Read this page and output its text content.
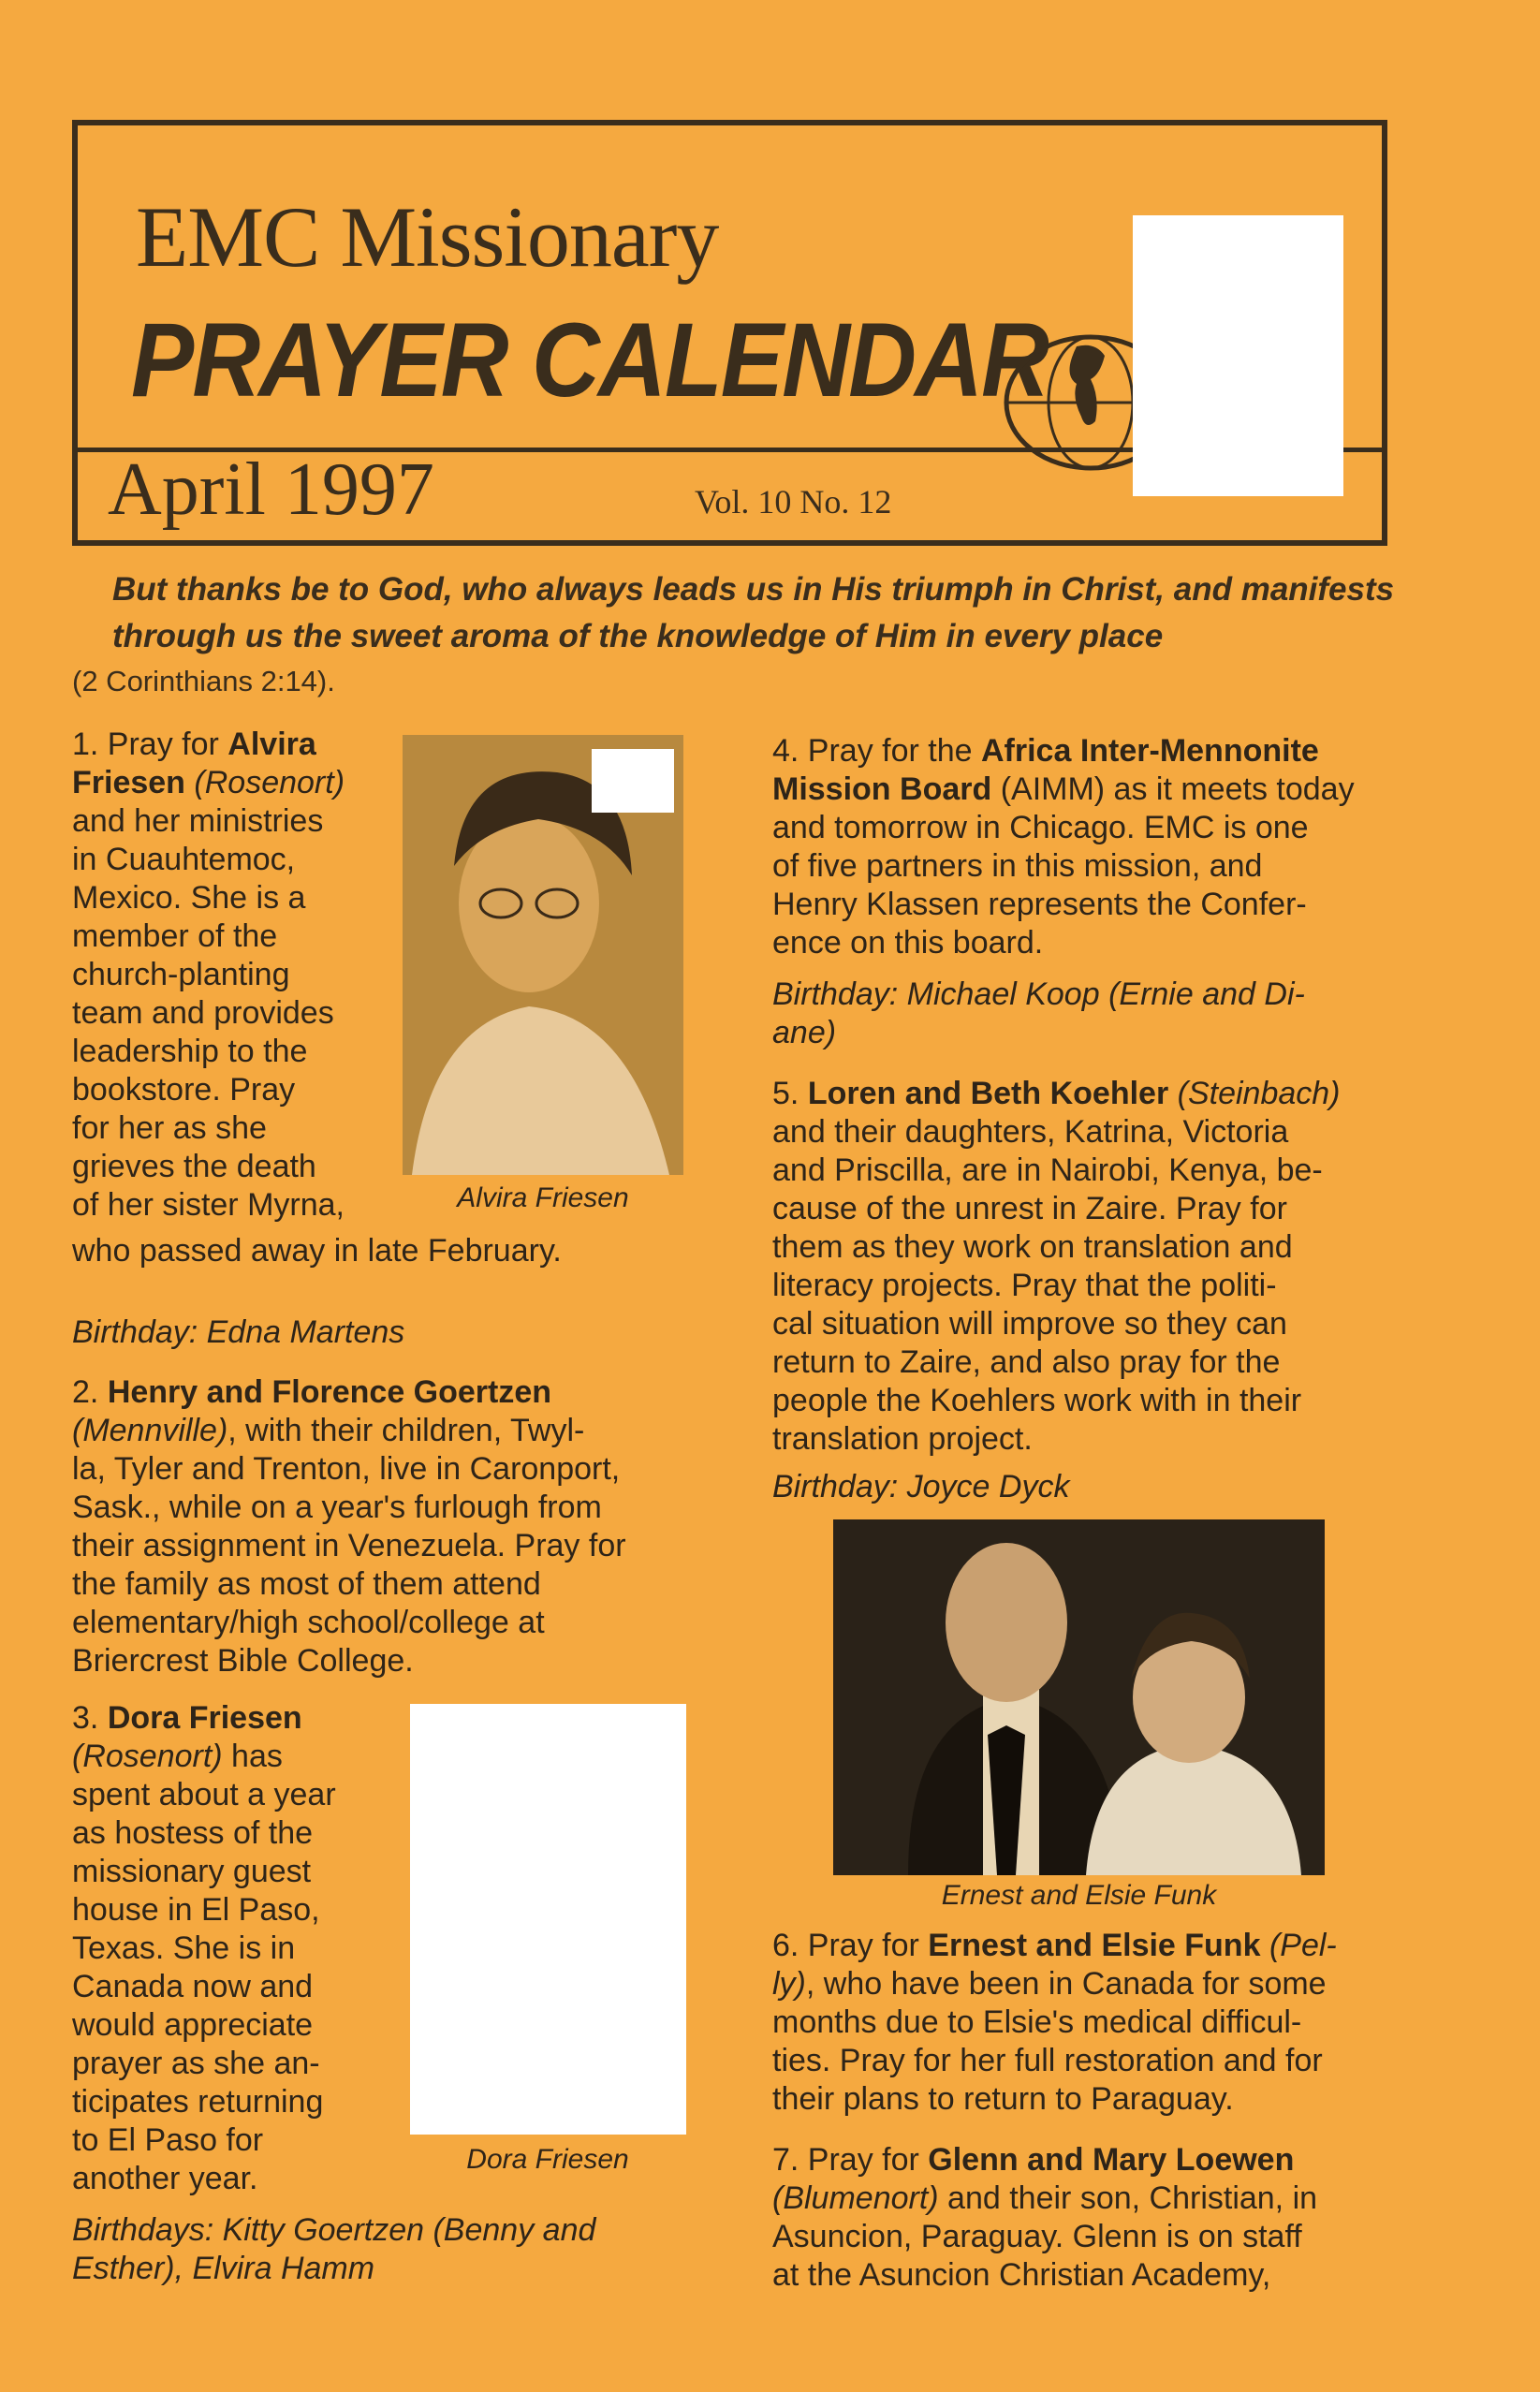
EMC Missionary
PRAYER CALENDAR
April 1997	Vol. 10 No. 12
But thanks be to God, who always leads us in His triumph in Christ, and manifests through us the sweet aroma of the knowledge of Him in every place
(2 Corinthians 2:14).
1. Pray for Alvira
Friesen (Rosenort)
and her ministries
in Cuauhtemoc,
Mexico. She is a
member of the
church-planting
team and provides
leadership to the
bookstore. Pray
for her as she
grieves the death
of her sister Myrna,
who passed away in late February.
Alvira Friesen
Birthday: Edna Martens
2. Henry and Florence Goertzen
(Mennville), with their children, Twyl-
la, Tyler and Trenton, live in Caronport,
Sask., while on a year's furlough from
their assignment in Venezuela. Pray for
the family as most of them attend
elementary/high school/college at
Briercrest Bible College.
3. Dora Friesen
(Rosenort) has
spent about a year
as hostess of the
missionary guest
house in El Paso,
Texas. She is in
Canada now and
would appreciate
prayer as she an-
ticipates returning
to El Paso for
another year.
Dora Friesen
Birthdays: Kitty Goertzen (Benny and
Esther), Elvira Hamm
4. Pray for the Africa Inter-Mennonite
Mission Board (AIMM) as it meets today
and tomorrow in Chicago. EMC is one
of five partners in this mission, and
Henry Klassen represents the Confer-
ence on this board.
Birthday: Michael Koop (Ernie and Di-
ane)
5. Loren and Beth Koehler (Steinbach)
and their daughters, Katrina, Victoria
and Priscilla, are in Nairobi, Kenya, be-
cause of the unrest in Zaire. Pray for
them as they work on translation and
literacy projects. Pray that the politi-
cal situation will improve so they can
return to Zaire, and also pray for the
people the Koehlers work with in their
translation project.
Birthday: Joyce Dyck
Ernest and Elsie Funk
6. Pray for Ernest and Elsie Funk (Pel-
ly), who have been in Canada for some
months due to Elsie's medical difficul-
ties. Pray for her full restoration and for
their plans to return to Paraguay.
7. Pray for Glenn and Mary Loewen
(Blumenort) and their son, Christian, in
Asuncion, Paraguay. Glenn is on staff
at the Asuncion Christian Academy,
